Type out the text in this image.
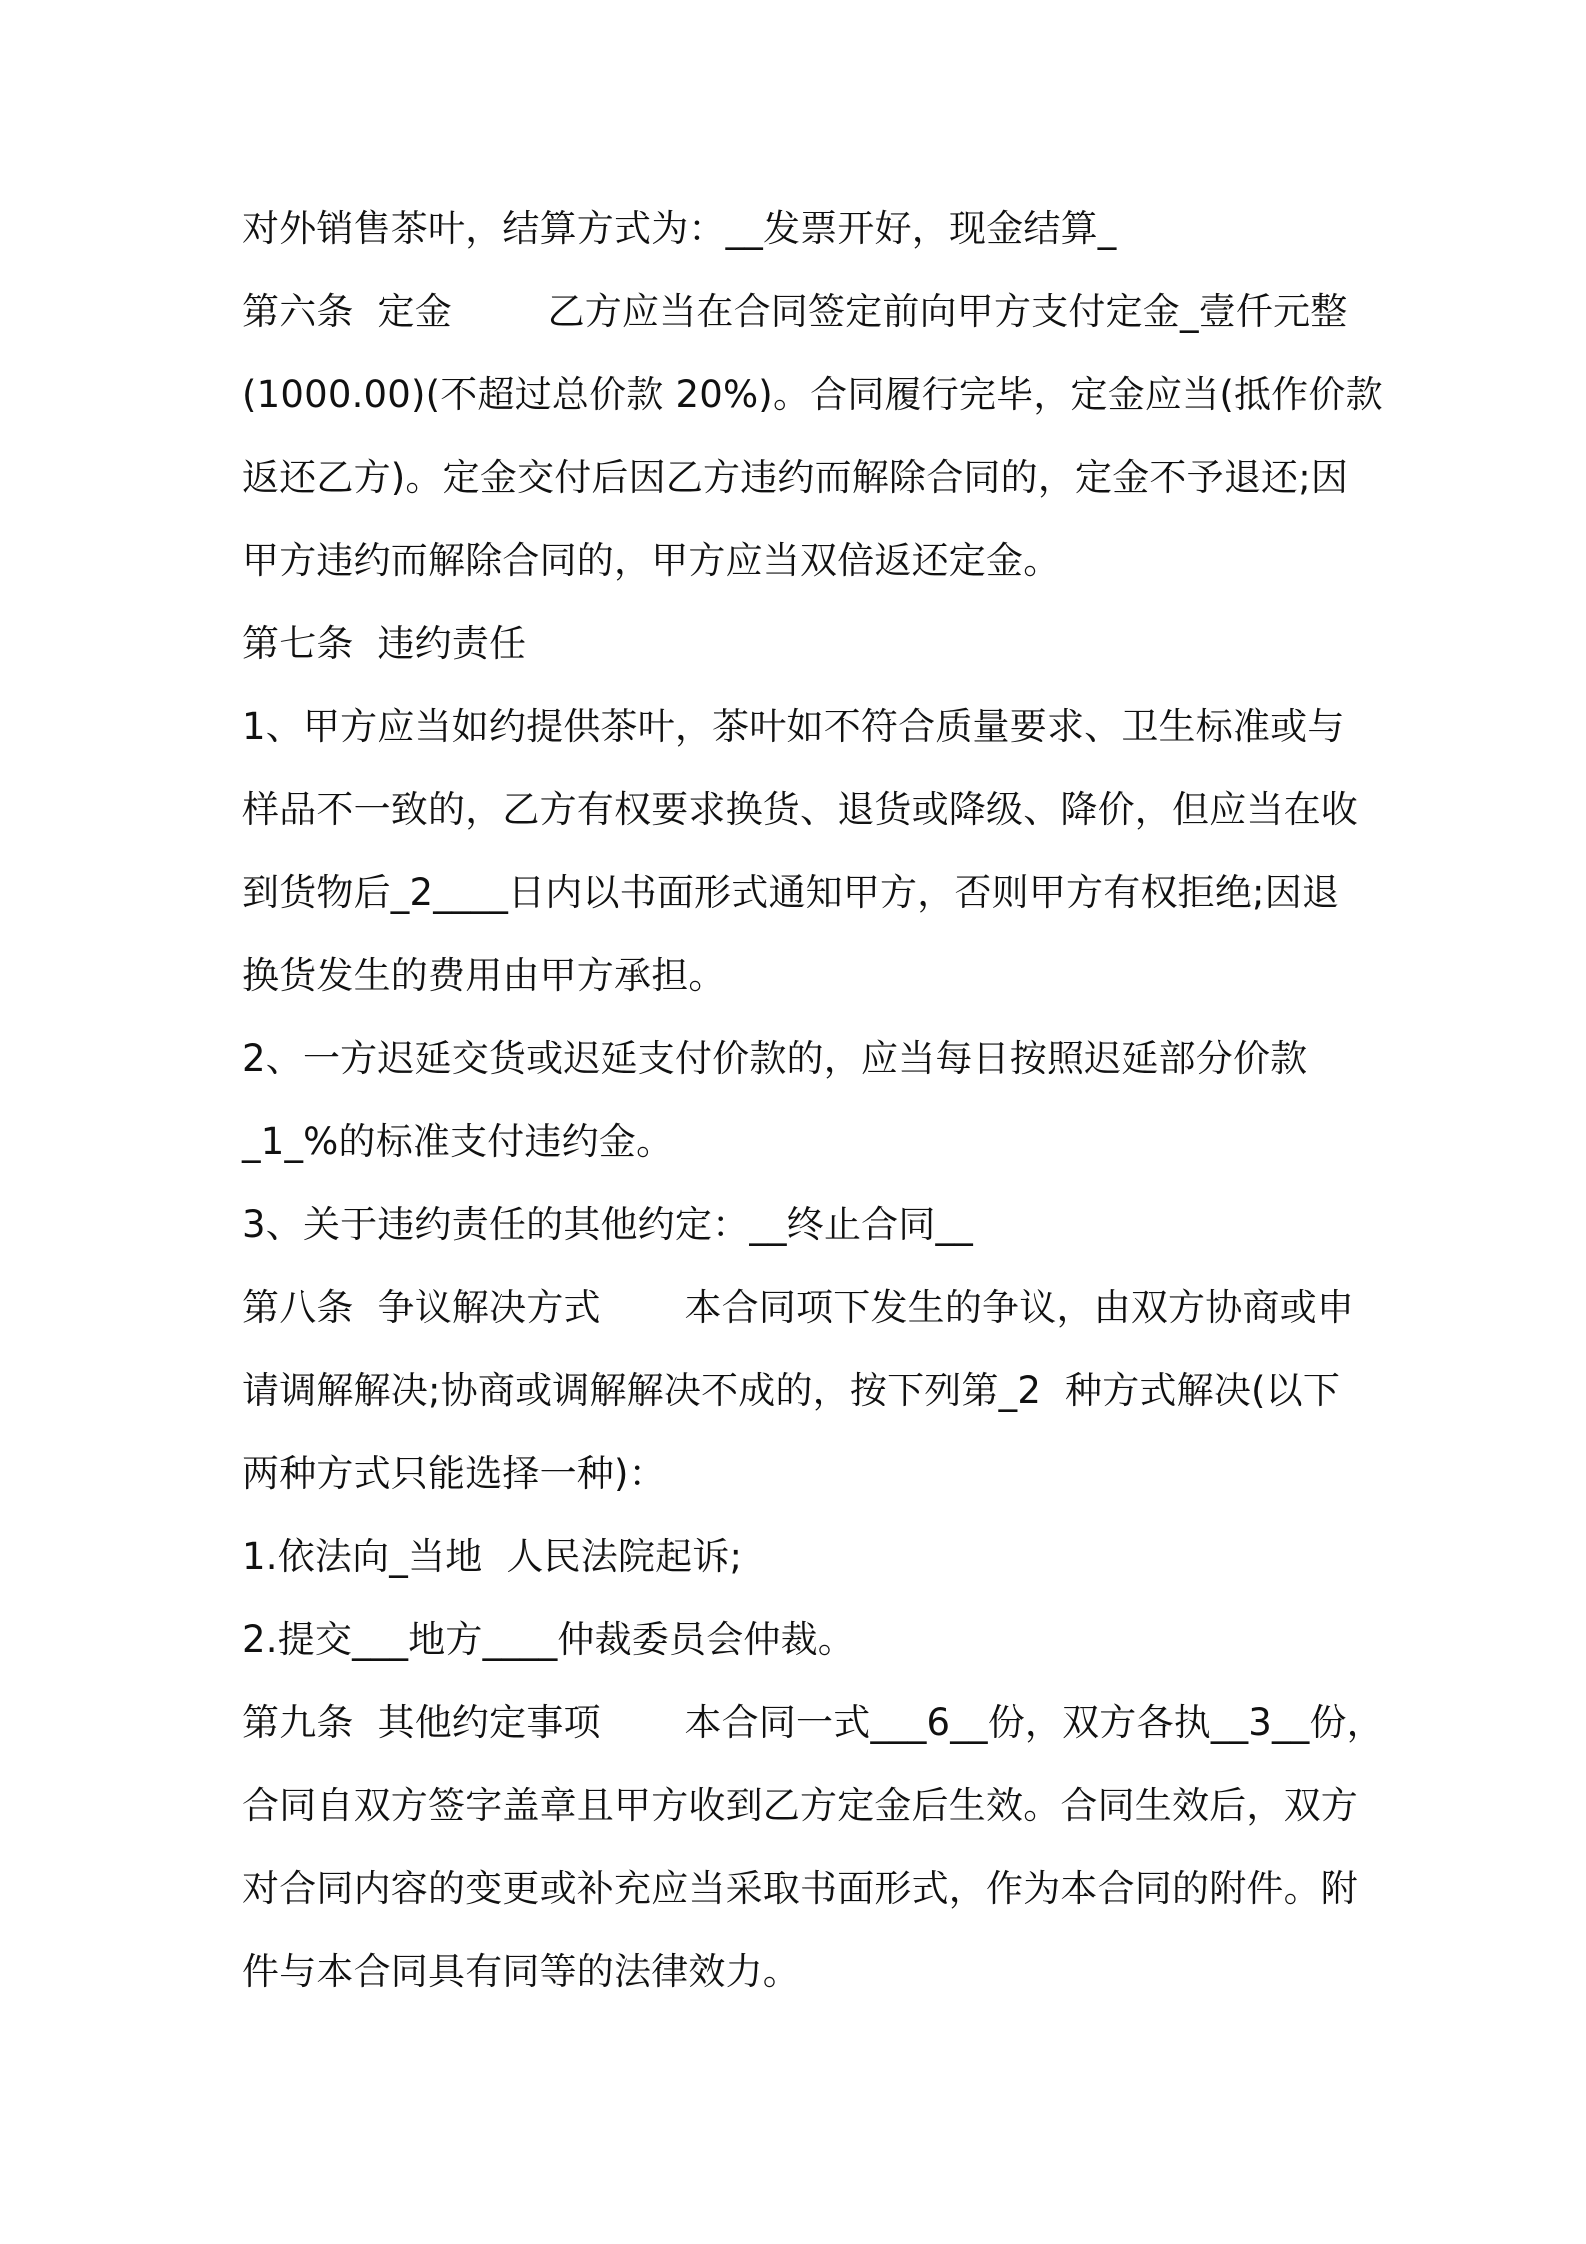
对外销售茶叶，结算方式为：__发票开好，现金结算_
第六条  定金        乙方应当在合同签定前向甲方支付定金_壹仟元整
(1000.00)(不超过总价款 20%)。合同履行完毕，定金应当(抵作价款
返还乙方)。定金交付后因乙方违约而解除合同的，定金不予退还;因
甲方违约而解除合同的，甲方应当双倍返还定金。
第七条  违约责任
1、甲方应当如约提供茶叶，茶叶如不符合质量要求、卫生标准或与
样品不一致的，乙方有权要求换货、退货或降级、降价，但应当在收
到货物后_2____日内以书面形式通知甲方，否则甲方有权拒绝;因退
换货发生的费用由甲方承担。
2、一方迟延交货或迟延支付价款的，应当每日按照迟延部分价款
_1_%的标准支付违约金。
3、关于违约责任的其他约定：__终止合同__
第八条  争议解决方式       本合同项下发生的争议，由双方协商或申
请调解解决;协商或调解解决不成的，按下列第_2  种方式解决(以下
两种方式只能选择一种)：
1.依法向_当地  人民法院起诉;
2.提交___地方____仲裁委员会仲裁。
第九条  其他约定事项       本合同一式___6__份，双方各执__3__份，
合同自双方签字盖章且甲方收到乙方定金后生效。合同生效后，双方
对合同内容的变更或补充应当采取书面形式，作为本合同的附件。附
件与本合同具有同等的法律效力。
